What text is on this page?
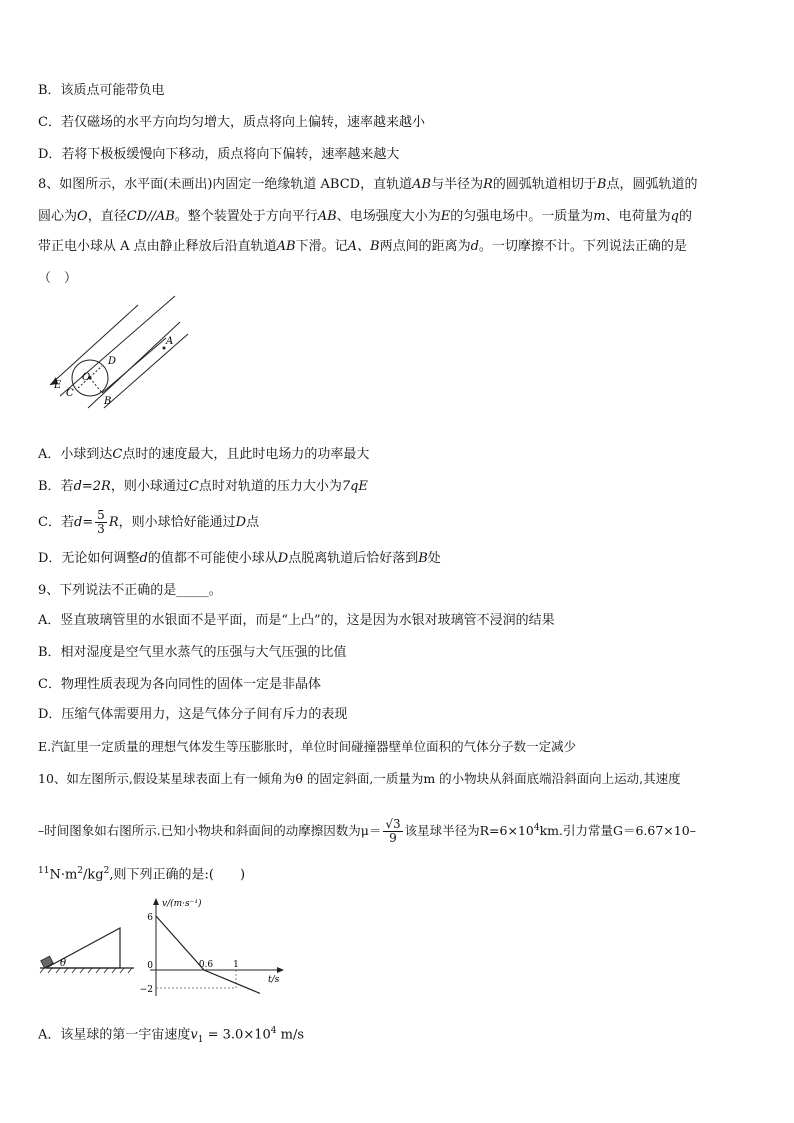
B．该质点可能带负电
C．若仅磁场的水平方向均匀增大，质点将向上偏转，速率越来越小
D．若将下极板缓慢向下移动，质点将向下偏转，速率越来越大
8、如图所示，水平面(未画出)内固定一绝缘轨道 ABCD，直轨道AB与半径为R的圆弧轨道相切于B点，圆弧轨道的
圆心为O，直径CD//AB。整个装置处于方向平行AB、电场强度大小为E的匀强电场中。一质量为m、电荷量为q的
带正电小球从 A 点由静止释放后沿直轨道AB下滑。记A、B两点间的距离为d。一切摩擦不计。下列说法正确的是
（　）
E
O
C
D
A
B
A．小球到达C点时的速度最大，且此时电场力的功率最大
B．若d=2R，则小球通过C点时对轨道的压力大小为7qE
C．若$d= \frac{5}{3}$ R，则小球恰好能通过D点
D．无论如何调整d的值都不可能使小球从D点脱离轨道后恰好落到B处
9、下列说法不正确的是_____。
A．竖直玻璃管里的水银面不是平面，而是“上凸”的，这是因为水银对玻璃管不浸润的结果
B．相对湿度是空气里水蒸气的压强与大气压强的比值
C．物理性质表现为各向同性的固体一定是非晶体
D．压缩气体需要用力，这是气体分子间有斥力的表现
E.汽缸里一定质量的理想气体发生等压膨胀时，单位时间碰撞器壁单位面积的气体分子数一定减少
10、如左图所示,假设某星球表面上有一倾角为θ 的固定斜面,一质量为m 的小物块从斜面底端沿斜面向上运动,其速度
–时间图象如右图所示.已知小物块和斜面间的动摩擦因数为$\mu= \frac{√3}{9}$ 该星球半径为$R=6\times 10^4km$.引力常量G＝6.67×10–
$^{11}N\cdot m^2/kg^2$,则下列正确的是:(　　)
θ
6
0
−2
0.6 1
v/(m·s⁻¹)
t/s
A．该星球的第一宇宙速度$v_1 = 3.0\times 10^4$ m/s
